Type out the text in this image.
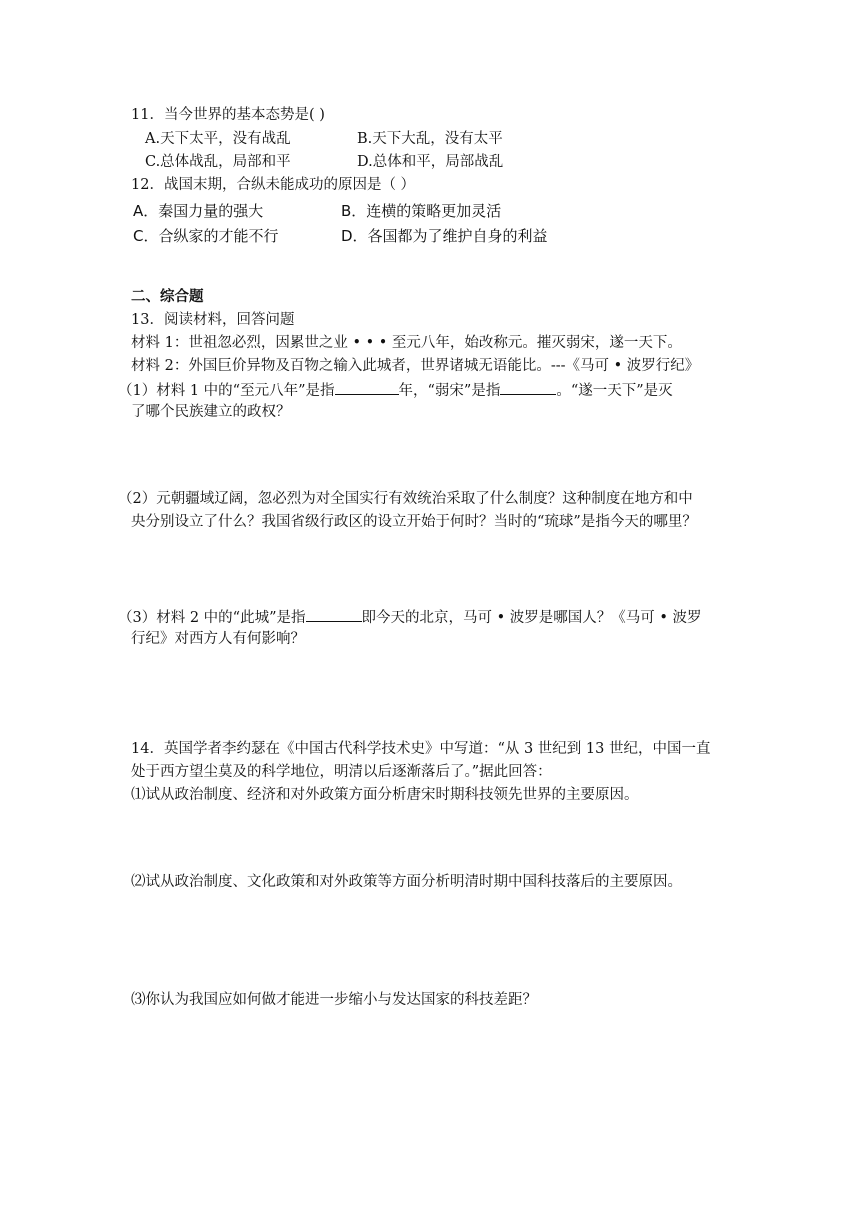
11．当今世界的基本态势是( )
A.天下太平，没有战乱	B.天下大乱，没有太平
C.总体战乱，局部和平	D.总体和平，局部战乱
12．战国末期，合纵未能成功的原因是（ ）
A．秦国力量的强大	B．连横的策略更加灵活
C．合纵家的才能不行	D．各国都为了维护自身的利益
二、综合题
13．阅读材料，回答问题
材料 1：世祖忽必烈，因累世之业 • • • 至元八年，始改称元。摧灭弱宋，遂一天下。
材料 2：外国巨价异物及百物之输入此城者，世界诸城无语能比。---《马可 • 波罗行纪》
（1）材料 1 中的“至元八年”是指	年，“弱宋”是指	。“遂一天下”是灭
了哪个民族建立的政权？
（2）元朝疆域辽阔，忽必烈为对全国实行有效统治采取了什么制度？这种制度在地方和中
央分别设立了什么？我国省级行政区的设立开始于何时？当时的“琉球”是指今天的哪里？
（3）材料 2 中的“此城”是指	即今天的北京，马可 • 波罗是哪国人？《马可 • 波罗
行纪》对西方人有何影响？
14．英国学者李约瑟在《中国古代科学技术史》中写道：“从 3 世纪到 13 世纪，中国一直
处于西方望尘莫及的科学地位，明清以后逐渐落后了。”据此回答：
⑴试从政治制度、经济和对外政策方面分析唐宋时期科技领先世界的主要原因。
⑵试从政治制度、文化政策和对外政策等方面分析明清时期中国科技落后的主要原因。
⑶你认为我国应如何做才能进一步缩小与发达国家的科技差距？
